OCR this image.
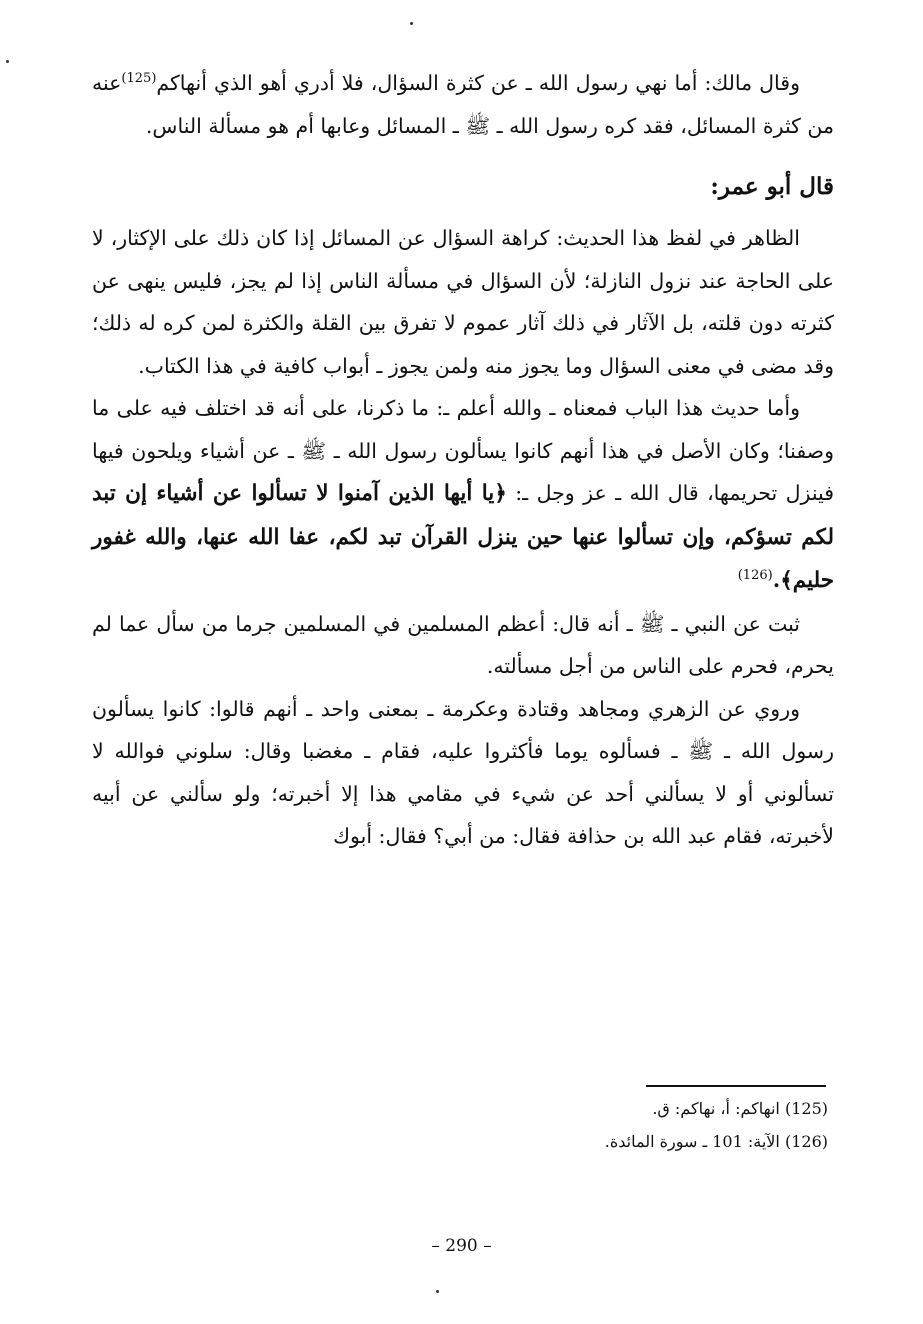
وقال مالك: أما نهي رسول الله ـ عن كثرة السؤال، فلا أدري أهو الذي أنهاكم$^{(125)}$عنه من كثرة المسائل، فقد كره رسول الله ـ ﷺ ـ المسائل وعابها أم هو مسألة الناس.

قال أبو عمر:

الظاهر في لفظ هذا الحديث: كراهة السؤال عن المسائل إذا كان ذلك على الإكثار، لا على الحاجة عند نزول النازلة؛ لأن السؤال في مسألة الناس إذا لم يجز، فليس ينهى عن كثرته دون قلته، بل الآثار في ذلك آثار عموم لا تفرق بين القلة والكثرة لمن كره له ذلك؛ وقد مضى في معنى السؤال وما يجوز منه ولمن يجوز ـ أبواب كافية في هذا الكتاب.

وأما حديث هذا الباب فمعناه ـ والله أعلم ـ: ما ذكرنا، على أنه قد اختلف فيه على ما وصفنا؛ وكان الأصل في هذا أنهم كانوا يسألون رسول الله ـ ﷺ ـ عن أشياء ويلحون فيها فينزل تحريمها، قال الله ـ عز وجل ـ: ﴿يا أيها الذين آمنوا لا تسألوا عن أشياء إن تبد لكم تسؤكم، وإن تسألوا عنها حين ينزل القرآن تبد لكم، عفا الله عنها، والله غفور حليم﴾.$^{(126)}$

ثبت عن النبي ـ ﷺ ـ أنه قال: أعظم المسلمين في المسلمين جرما من سأل عما لم يحرم، فحرم على الناس من أجل مسألته.

وروي عن الزهري ومجاهد وقتادة وعكرمة ـ بمعنى واحد ـ أنهم قالوا: كانوا يسألون رسول الله ـ ﷺ ـ فسألوه يوما فأكثروا عليه، فقام ـ مغضبا وقال: سلوني فوالله لا تسألوني أو لا يسألني أحد عن شيء في مقامي هذا إلا أخبرته؛ ولو سألني عن أبيه لأخبرته، فقام عبد الله بن حذافة فقال: من أبي؟ فقال: أبوك

(125) انهاكم: أ، نهاكم: ق.

(126) الآية: 101 ـ سورة المائدة.

– 290 –
